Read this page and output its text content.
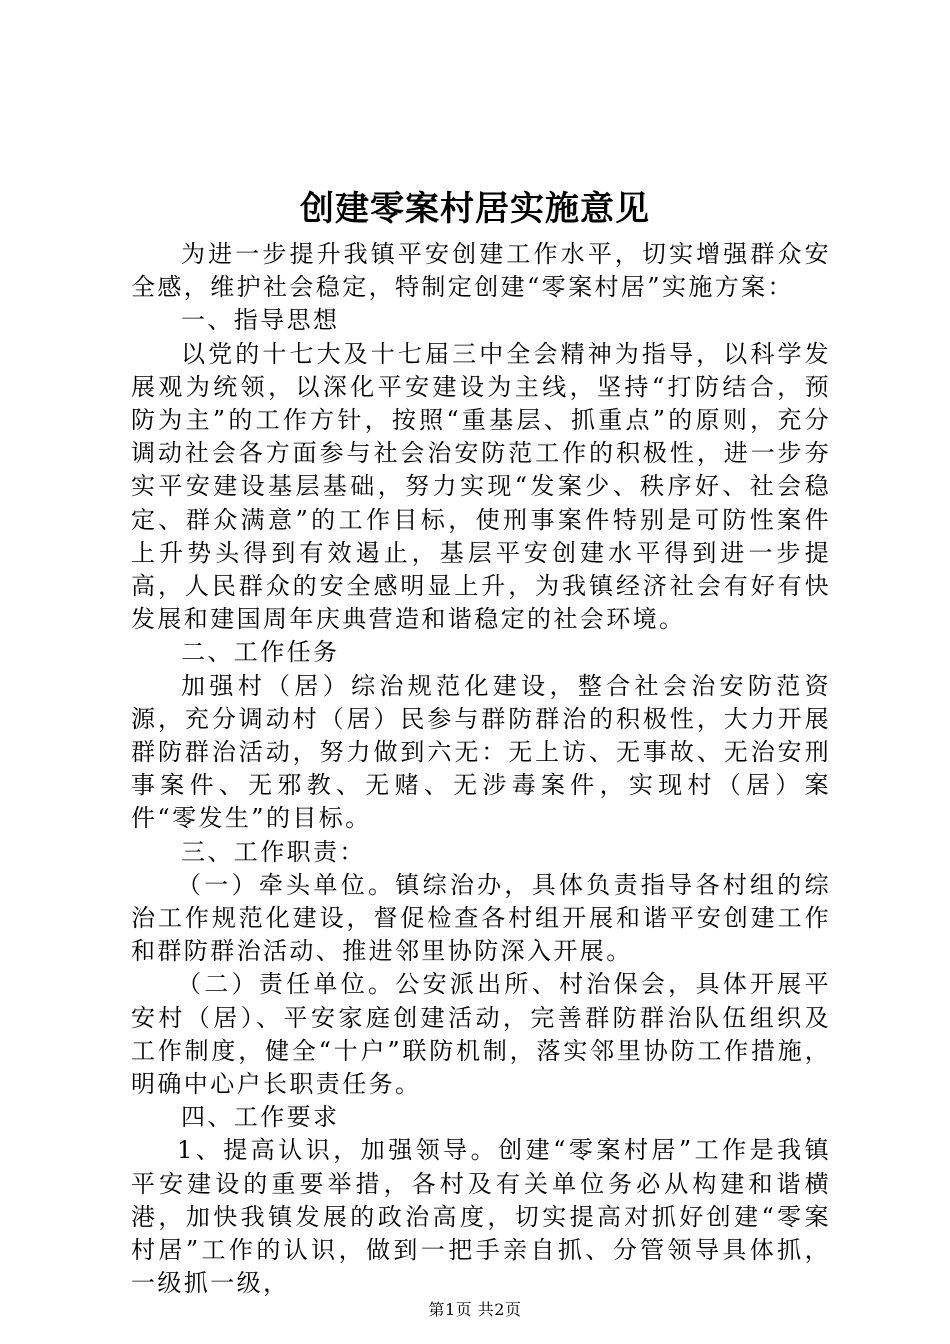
创建零案村居实施意见

为进一步提升我镇平安创建工作水平，切实增强群众安全感，维护社会稳定，特制定创建“零案村居”实施方案：

一、指导思想

以党的十七大及十七届三中全会精神为指导，以科学发展观为统领，以深化平安建设为主线，坚持“打防结合，预防为主”的工作方针，按照“重基层、抓重点”的原则，充分调动社会各方面参与社会治安防范工作的积极性，进一步夯实平安建设基层基础，努力实现“发案少、秩序好、社会稳定、群众满意”的工作目标，使刑事案件特别是可防性案件上升势头得到有效遏止，基层平安创建水平得到进一步提高，人民群众的安全感明显上升，为我镇经济社会有好有快发展和建国周年庆典营造和谐稳定的社会环境。

二、工作任务

加强村（居）综治规范化建设，整合社会治安防范资源，充分调动村（居）民参与群防群治的积极性，大力开展群防群治活动，努力做到六无：无上访、无事故、无治安刑事案件、无邪教、无赌、无涉毒案件，实现村（居）案件“零发生”的目标。

三、工作职责：

（一）牵头单位。镇综治办，具体负责指导各村组的综治工作规范化建设，督促检查各村组开展和谐平安创建工作和群防群治活动、推进邻里协防深入开展。

（二）责任单位。公安派出所、村治保会，具体开展平安村（居）、平安家庭创建活动，完善群防群治队伍组织及工作制度，健全“十户”联防机制，落实邻里协防工作措施，明确中心户长职责任务。

四、工作要求

1、提高认识，加强领导。创建“零案村居”工作是我镇平安建设的重要举措，各村及有关单位务必从构建和谐横港，加快我镇发展的政治高度，切实提高对抓好创建“零案村居”工作的认识，做到一把手亲自抓、分管领导具体抓，一级抓一级，

第1页 共2页
